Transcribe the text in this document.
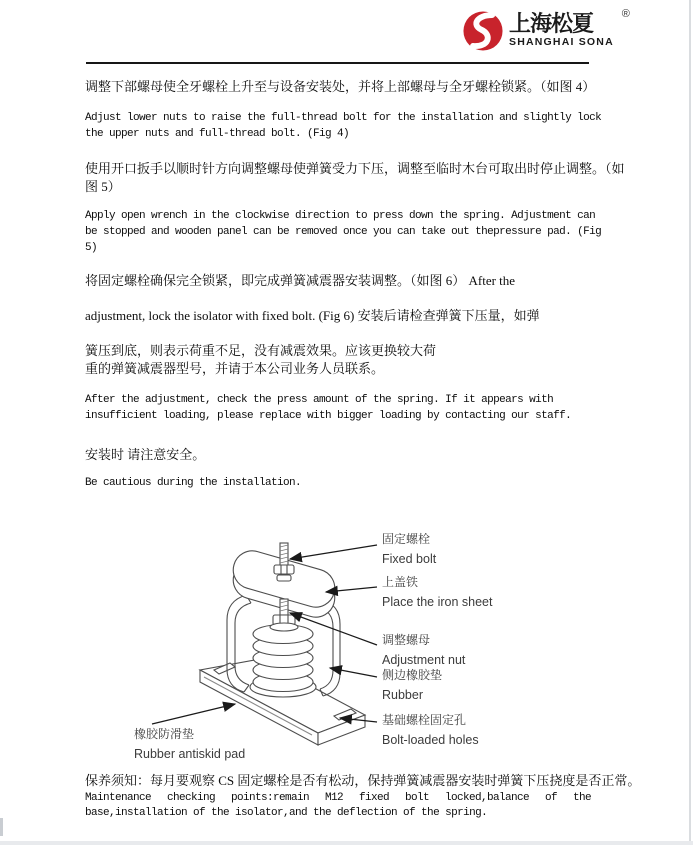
上海松夏
SHANGHAI SONA
®
调整下部螺母使全牙螺栓上升至与设备安装处，并将上部螺母与全牙螺栓锁紧。（如图 4）
Adjust lower nuts to raise the full-thread bolt for the installation and slightly lock
the upper nuts and full-thread bolt. (Fig 4)
使用开口扳手以顺时针方向调整螺母使弹簧受力下压，调整至临时木台可取出时停止调整。（如
图 5）
Apply open wrench in the clockwise direction to press down the spring. Adjustment can
be stopped and wooden panel can be removed once you can take out thepressure pad. (Fig
5)
将固定螺栓确保完全锁紧，即完成弹簧减震器安装调整。（如图 6） After the
adjustment, lock the isolator with fixed bolt. (Fig 6) 安装后请检查弹簧下压量，如弹
簧压到底，则表示荷重不足，没有减震效果。应该更换较大荷
重的弹簧减震器型号，并请于本公司业务人员联系。
After the adjustment, check the press amount of the spring. If it appears with
insufficient loading, please replace with bigger loading by contacting our staff.
安装时 请注意安全。
Be cautious during the installation.
固定螺栓
Fixed bolt
上盖铁
Place the iron sheet
调整螺母
Adjustment nut
侧边橡胶垫
Rubber
基础螺栓固定孔
Bolt-loaded holes
橡胶防滑垫
Rubber antiskid pad
保养须知：每月要观察 CS 固定螺栓是否有松动，保持弹簧减震器安装时弹簧下压挠度是否正常。
Maintenance checking points:remain M12 fixed bolt locked,balance of the
base,installation of the isolator,and the deflection of the spring.
